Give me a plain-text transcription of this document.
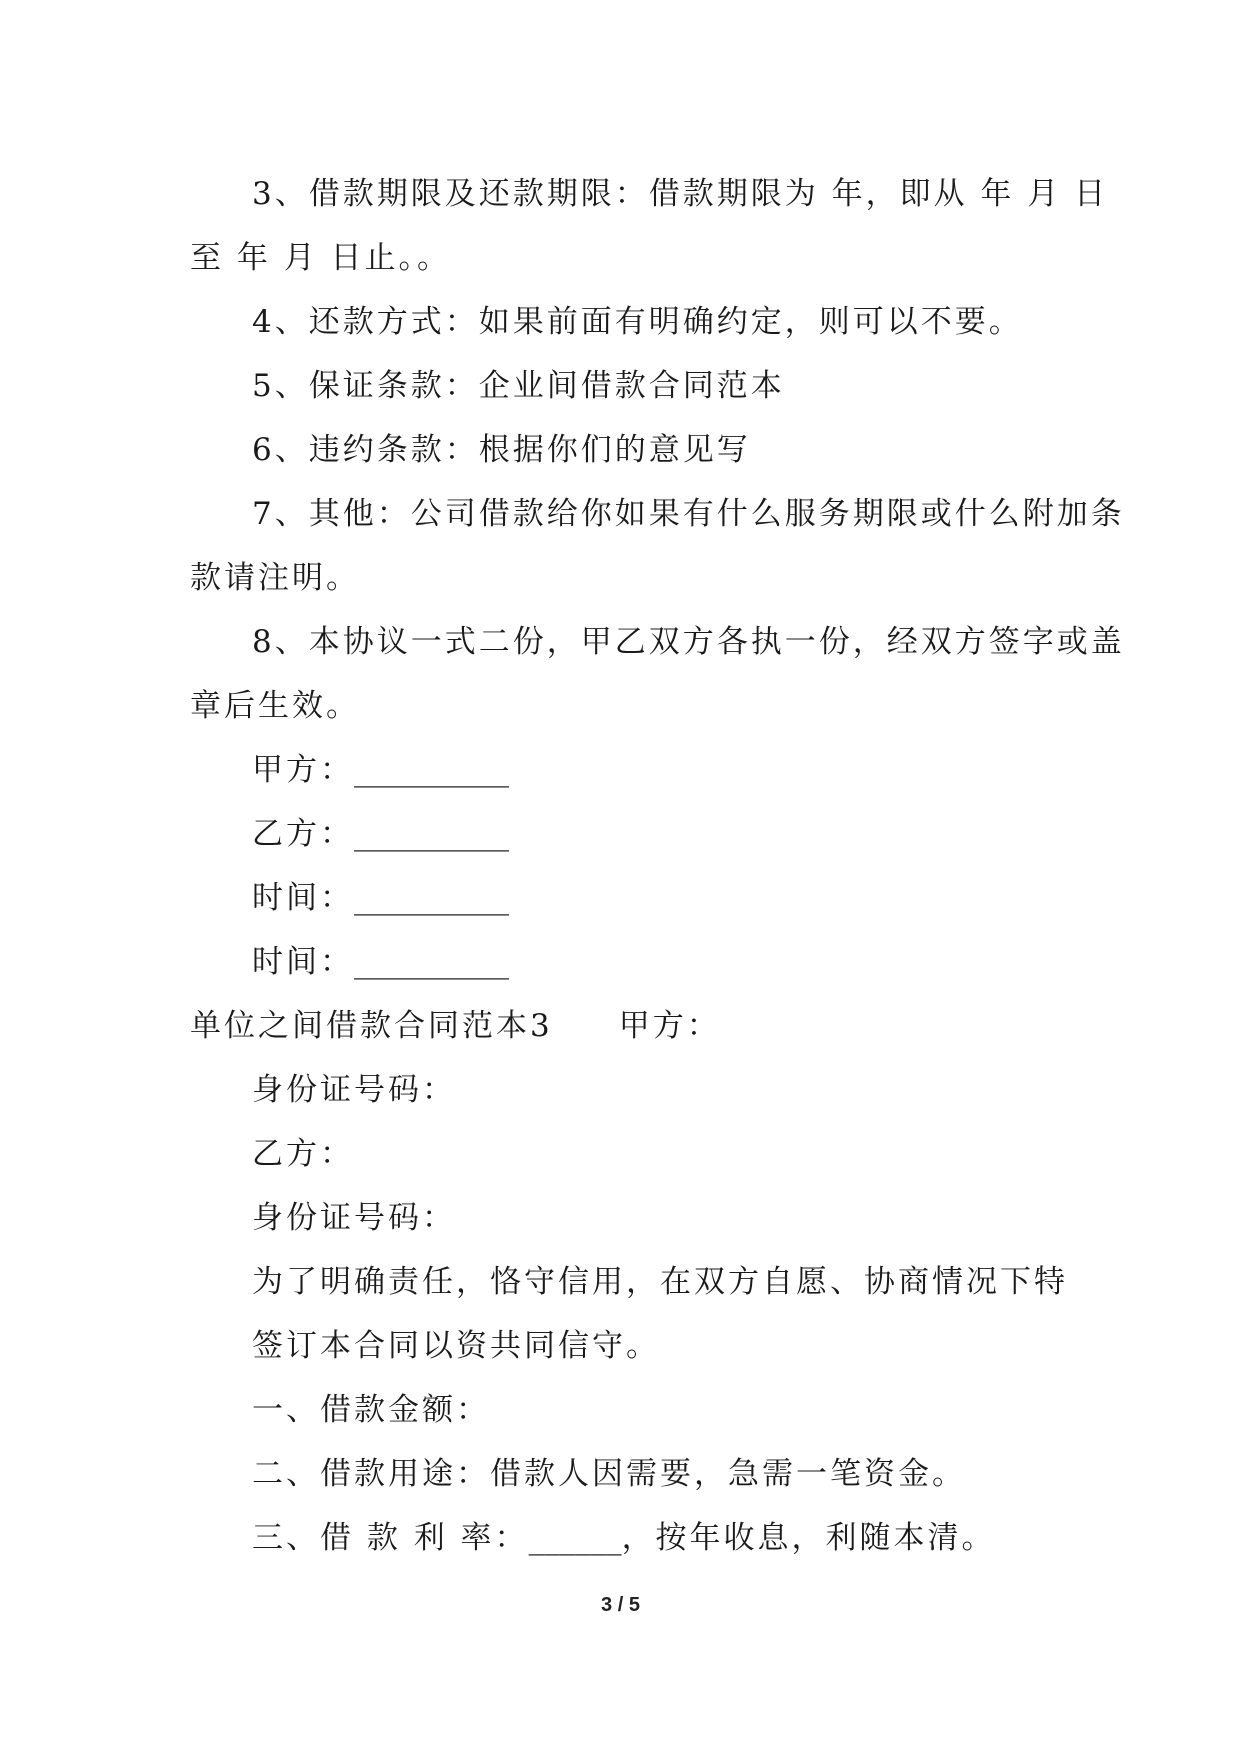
3、借款期限及还款期限：借款期限为 年，即从 年 月 日
至 年 月 日止。。
4、还款方式：如果前面有明确约定，则可以不要。
5、保证条款：企业间借款合同范本
6、违约条款：根据你们的意见写
7、其他：公司借款给你如果有什么服务期限或什么附加条
款请注明。
8、本协议一式二份，甲乙双方各执一份，经双方签字或盖
章后生效。
甲方：__________
乙方：__________
时间：__________
时间：__________
单位之间借款合同范本3 甲方：
身份证号码：
乙方：
身份证号码：
为了明确责任，恪守信用，在双方自愿、协商情况下特
签订本合同以资共同信守。
一、借款金额：
二、借款用途：借款人因需要，急需一笔资金。
三、借 款 利 率：______，按年收息，利随本清。
3 / 5
